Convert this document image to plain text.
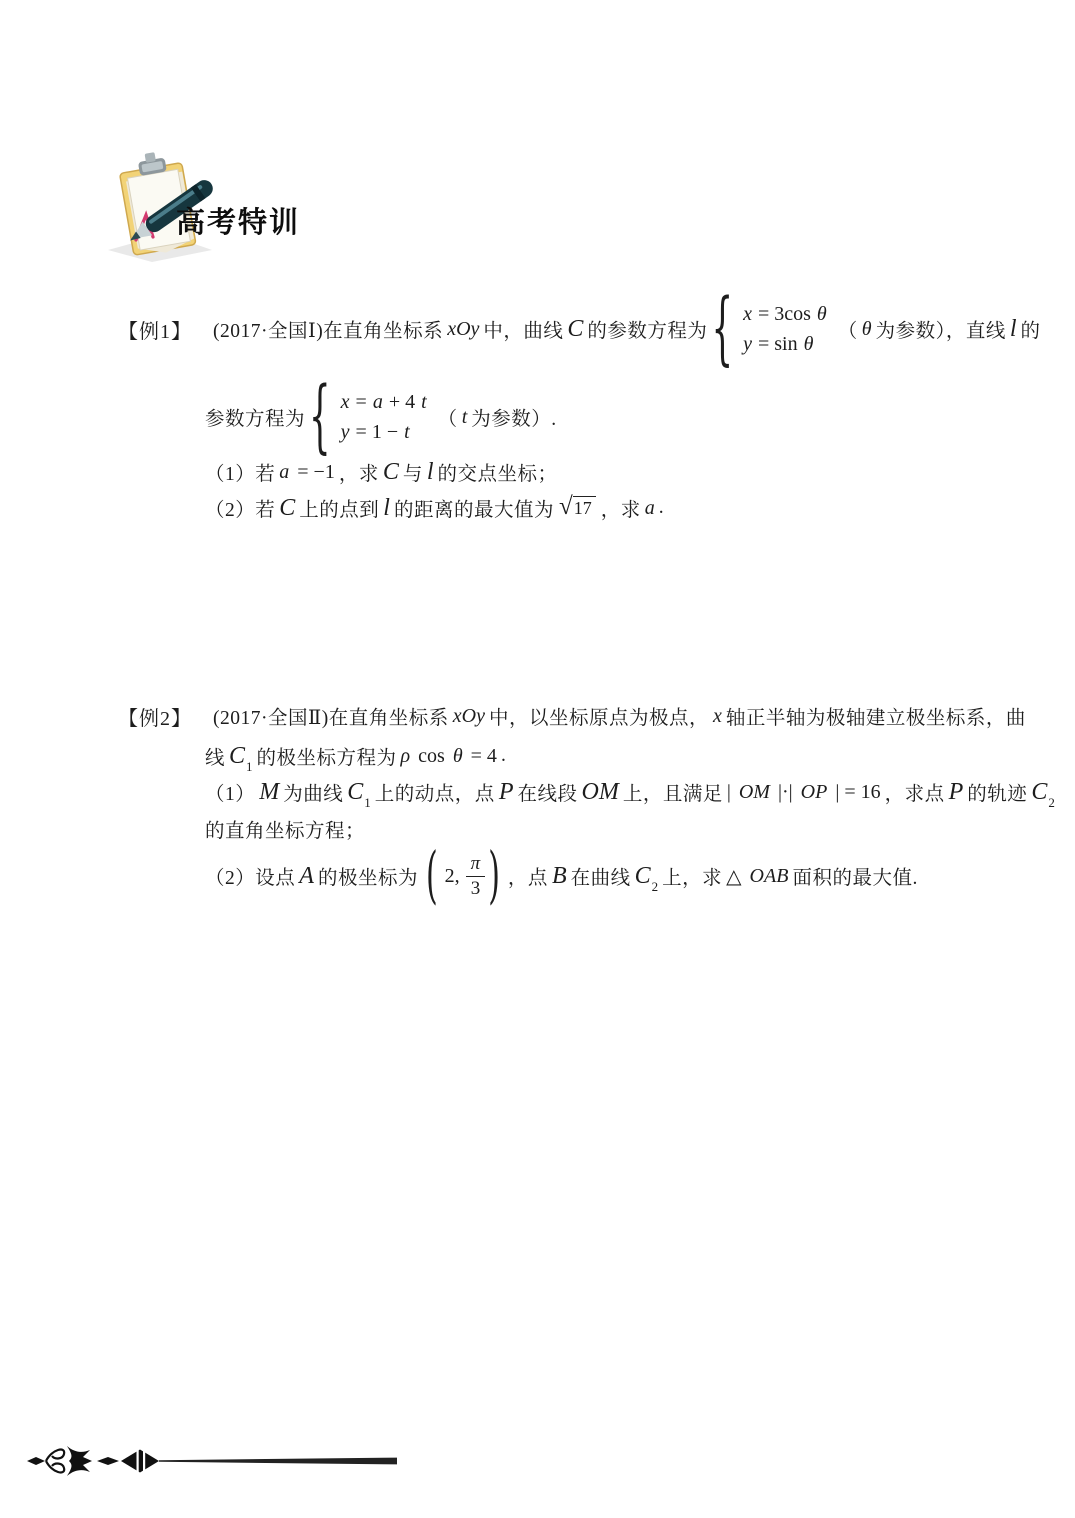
高考特训
【例1】 (2017·全国Ⅰ)在直角坐标系 xOy 中，曲线 C 的参数方程为 { x = 3cos θ
y = sin θ
（ θ 为参数），直线 l 的
参数方程为 { x = a + 4 t
y = 1 − t
（ t 为参数）.
（1）若 a = −1 ，求 C 与 l 的交点坐标；
（2）若 C 上的点到 l 的距离的最大值为 √ 17 ，求 a .
【例2】 (2017·全国Ⅱ)在直角坐标系 xOy 中，以坐标原点为极点， x 轴正半轴为极轴建立极坐标系，曲
线 C 1 的极坐标方程为 ρ cos θ = 4 .
（1） M 为曲线 C 1 上的动点，点 P 在线段 OM 上，且满足 | OM |·| OP | = 16 ，求点 P 的轨迹 C 2
的直角坐标方程；
（2）设点 A 的极坐标为 ( 2, $\frac{\pi}{3}$ ) ，点 B 在曲线 C 2 上，求 △ OAB 面积的最大值.
